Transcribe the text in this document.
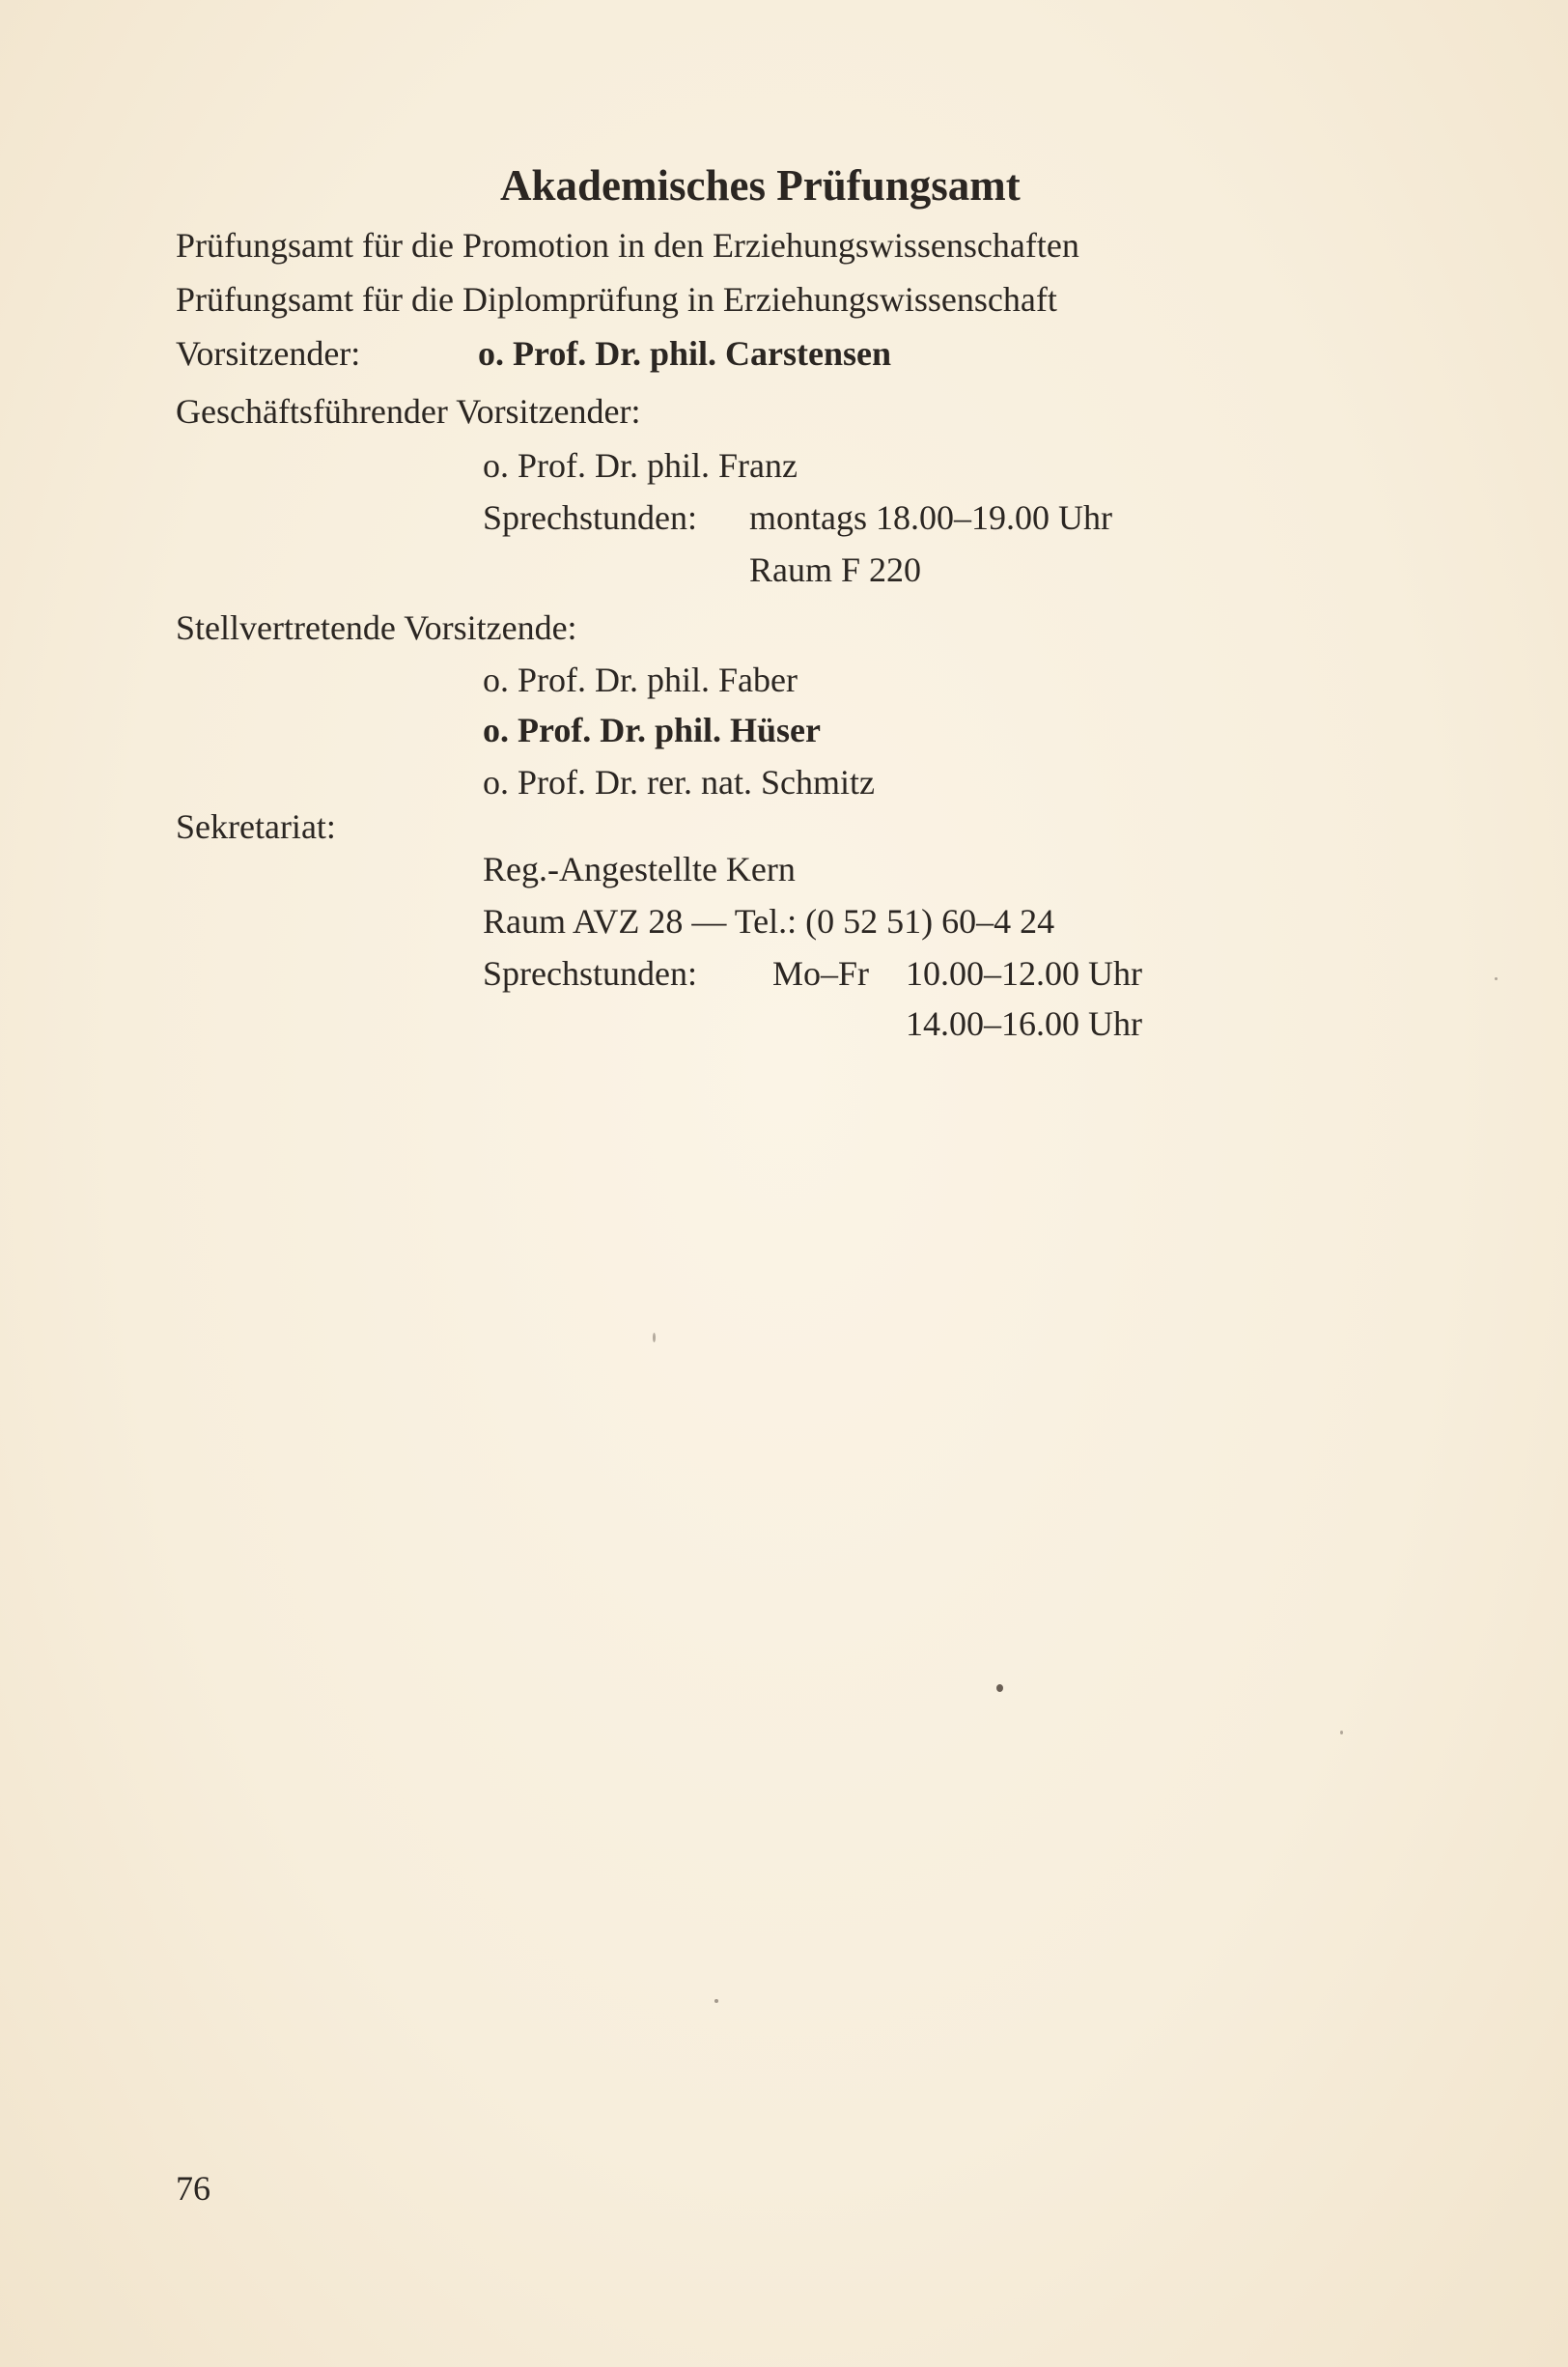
Akademisches Prüfungsamt
Prüfungsamt für die Promotion in den Erziehungswissenschaften
Prüfungsamt für die Diplomprüfung in Erziehungswissenschaft
Vorsitzender:	o. Prof. Dr. phil. Carstensen
Geschäftsführender Vorsitzender:
o. Prof. Dr. phil. Franz
Sprechstunden: montags 18.00–19.00 Uhr
Raum F 220
Stellvertretende Vorsitzende:
o. Prof. Dr. phil. Faber
o. Prof. Dr. phil. Hüser
o. Prof. Dr. rer. nat. Schmitz
Sekretariat:
Reg.-Angestellte Kern
Raum AVZ 28 — Tel.: (0 52 51) 60–4 24
Sprechstunden: Mo–Fr 10.00–12.00 Uhr
14.00–16.00 Uhr
76
